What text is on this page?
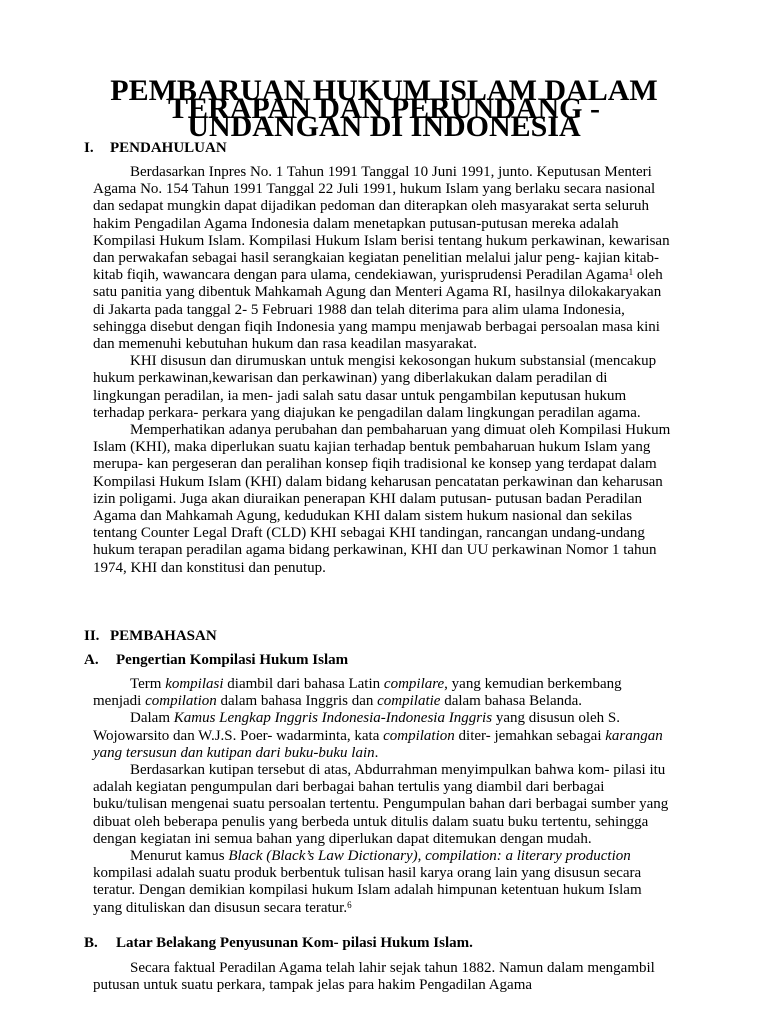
PEMBARUAN HUKUM ISLAM DALAM TERAPAN DAN PERUNDANG - UNDANGAN DI INDONESIA
I. PENDAHULUAN

Berdasarkan Inpres No. 1 Tahun 1991 Tanggal 10 Juni 1991, junto. Keputusan Menteri Agama No. 154 Tahun 1991 Tanggal 22 Juli 1991, hukum Islam yang berlaku secara nasional dan sedapat mungkin dapat dijadikan pedoman dan diterapkan oleh masyarakat serta seluruh hakim Pengadilan Agama Indonesia dalam menetapkan putusan-putusan mereka adalah Kompilasi Hukum Islam. Kompilasi Hukum Islam berisi tentang hukum perkawinan, kewarisan dan perwakafan sebagai hasil serangkaian kegiatan penelitian melalui jalur peng- kajian kitab-kitab fiqih, wawancara dengan para ulama, cendekiawan, yurisprudensi Peradilan Agama$^1$ oleh satu panitia yang dibentuk Mahkamah Agung dan Menteri Agama RI, hasilnya dilokakaryakan di Jakarta pada tanggal 2- 5 Februari 1988 dan telah diterima para alim ulama Indonesia, sehingga disebut dengan fiqih Indonesia yang mampu menjawab berbagai persoalan masa kini dan memenuhi kebutuhan hukum dan rasa keadilan masyarakat.

KHI disusun dan dirumuskan untuk mengisi kekosongan hukum substansial (mencakup hukum perkawinan,kewarisan dan perkawinan) yang diberlakukan dalam peradilan di lingkungan peradilan, ia men- jadi salah satu dasar untuk pengambilan keputusan hukum terhadap perkara- perkara yang diajukan ke pengadilan dalam lingkungan peradilan agama.

Memperhatikan adanya perubahan dan pembaharuan yang dimuat oleh Kompilasi Hukum Islam (KHI), maka diperlukan suatu kajian terhadap bentuk pembaharuan hukum Islam yang merupa- kan pergeseran dan peralihan konsep fiqih tradisional ke konsep yang terdapat dalam Kompilasi Hukum Islam (KHI) dalam bidang keharusan pencatatan perkawinan dan keharusan izin poligami. Juga akan diuraikan penerapan KHI dalam putusan- putusan badan Peradilan Agama dan Mahkamah Agung, kedudukan KHI dalam sistem hukum nasional dan sekilas tentang Counter Legal Draft (CLD) KHI sebagai KHI tandingan, rancangan undang-undang hukum terapan peradilan agama bidang perkawinan, KHI dan UU perkawinan Nomor 1 tahun 1974, KHI dan konstitusi dan penutup.

II. PEMBAHASAN
A. Pengertian Kompilasi Hukum Islam

Term kompilasi diambil dari bahasa Latin compilare, yang kemudian berkembang menjadi compilation dalam bahasa Inggris dan compilatie dalam bahasa Belanda.

Dalam Kamus Lengkap Inggris Indonesia-Indonesia Inggris yang disusun oleh S. Wojowarsito dan W.J.S. Poer- wadarminta, kata compilation diter- jemahkan sebagai karangan yang tersusun dan kutipan dari buku-buku lain.

Berdasarkan kutipan tersebut di atas, Abdurrahman menyimpulkan bahwa kom- pilasi itu adalah kegiatan pengumpulan dari berbagai bahan tertulis yang diambil dari berbagai buku/tulisan mengenai suatu persoalan tertentu. Pengumpulan bahan dari berbagai sumber yang dibuat oleh beberapa penulis yang berbeda untuk ditulis dalam suatu buku tertentu, sehingga dengan kegiatan ini semua bahan yang diperlukan dapat ditemukan dengan mudah.

Menurut kamus Black (Black’s Law Dictionary), compilation: a literary production kompilasi adalah suatu produk berbentuk tulisan hasil karya orang lain yang disusun secara teratur. Dengan demikian kompilasi hukum Islam adalah himpunan ketentuan hukum Islam yang dituliskan dan disusun secara teratur.$^6$

B. Latar Belakang Penyusunan Kom- pilasi Hukum Islam.

Secara faktual Peradilan Agama telah lahir sejak tahun 1882. Namun dalam mengambil putusan untuk suatu perkara, tampak jelas para hakim Pengadilan Agama
